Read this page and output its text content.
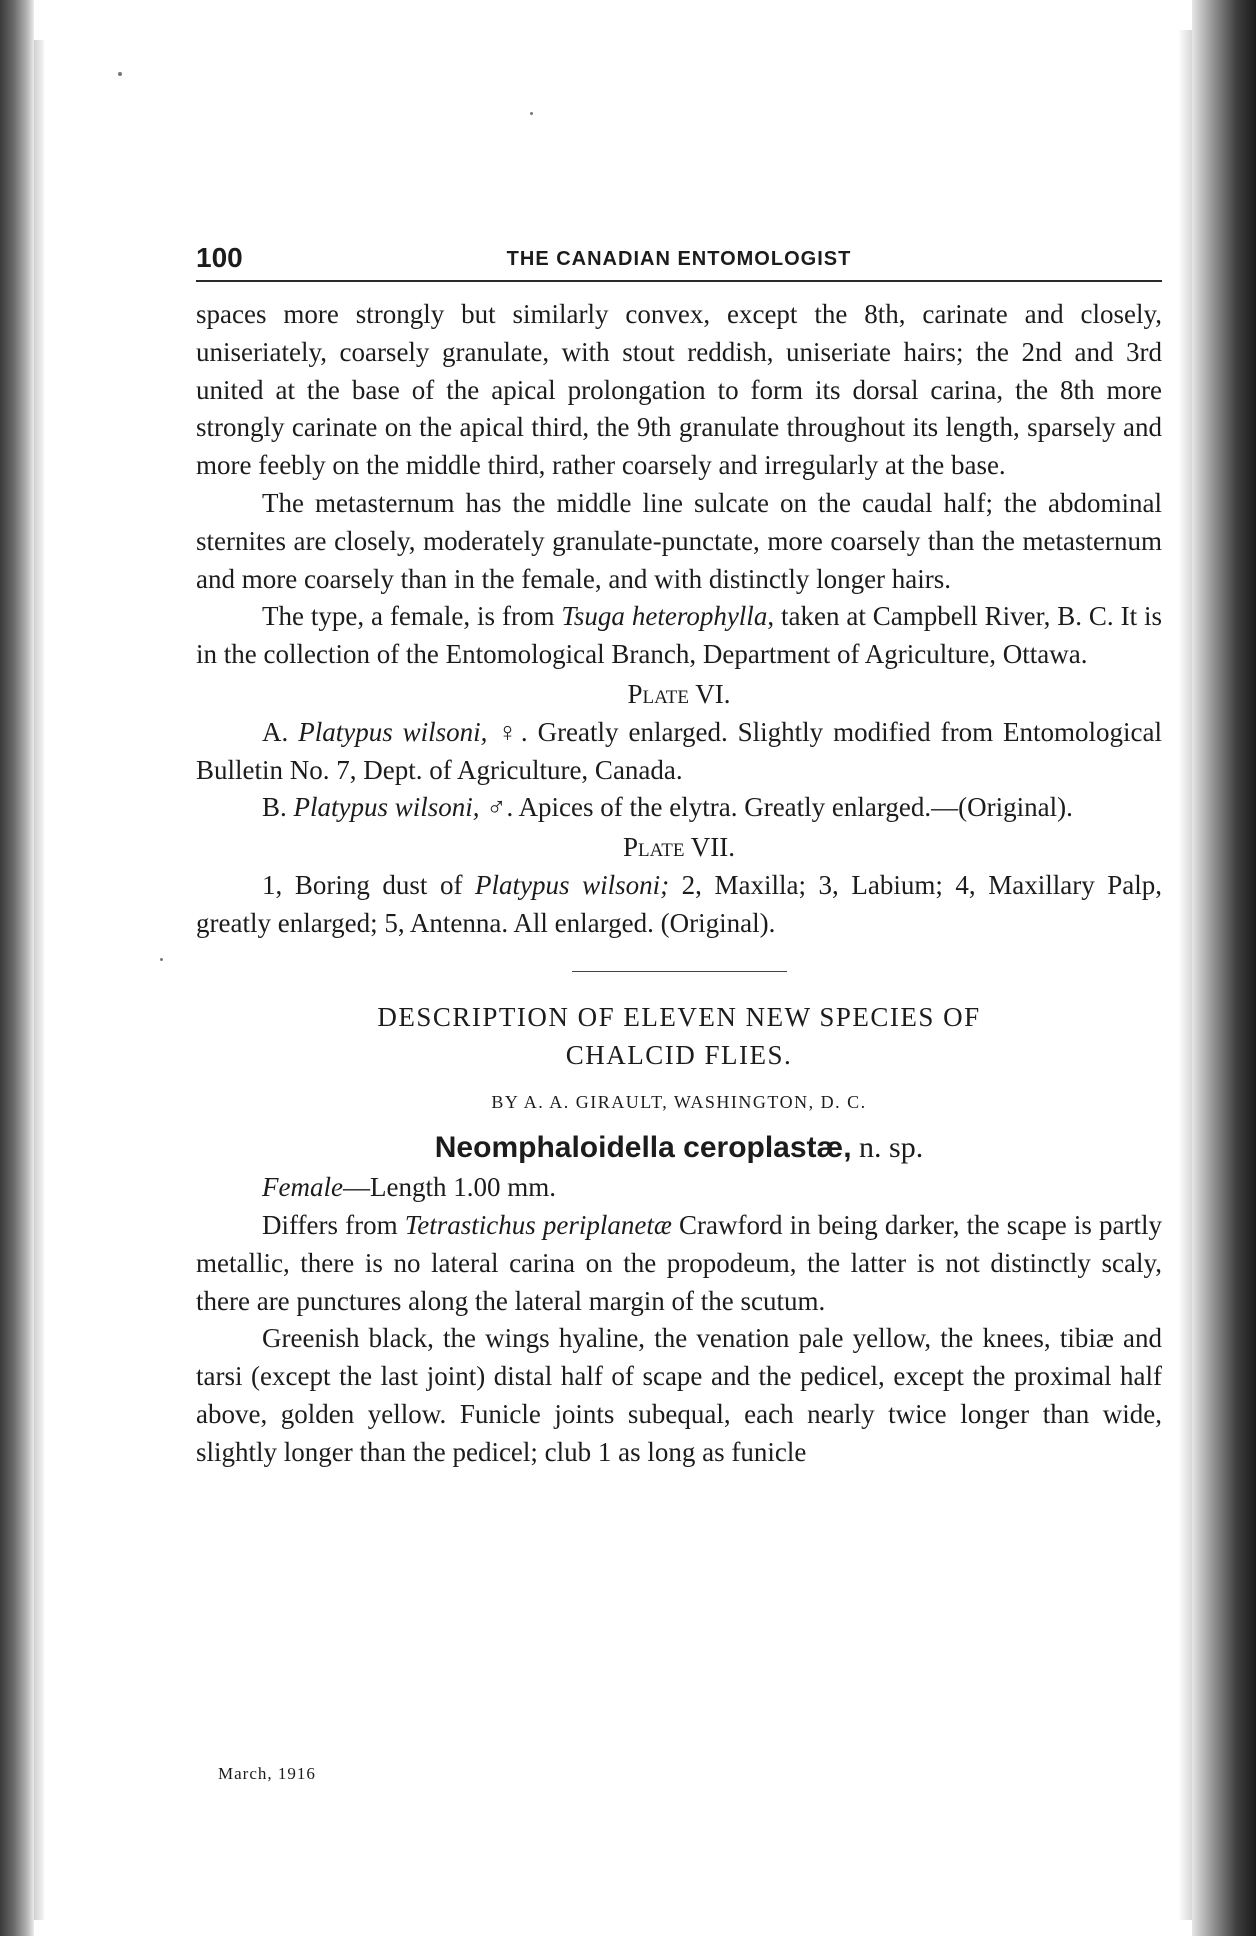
100	THE CANADIAN ENTOMOLOGIST

spaces more strongly but similarly convex, except the 8th, carinate and closely, uniseriately, coarsely granulate, with stout reddish, uniseriate hairs; the 2nd and 3rd united at the base of the apical prolongation to form its dorsal carina, the 8th more strongly carinate on the apical third, the 9th granulate throughout its length, sparsely and more feebly on the middle third, rather coarsely and irregularly at the base.

The metasternum has the middle line sulcate on the caudal half; the abdominal sternites are closely, moderately granulate-punctate, more coarsely than the metasternum and more coarsely than in the female, and with distinctly longer hairs.

The type, a female, is from Tsuga heterophylla, taken at Campbell River, B. C. It is in the collection of the Entomological Branch, Department of Agriculture, Ottawa.

Plate VI.

A. Platypus wilsoni, ♀. Greatly enlarged. Slightly modified from Entomological Bulletin No. 7, Dept. of Agriculture, Canada.

B. Platypus wilsoni, ♂. Apices of the elytra. Greatly enlarged.—(Original).

Plate VII.

1, Boring dust of Platypus wilsoni; 2, Maxilla; 3, Labium; 4, Maxillary Palp, greatly enlarged; 5, Antenna. All enlarged. (Original).

DESCRIPTION OF ELEVEN NEW SPECIES OF

CHALCID FLIES.

BY A. A. GIRAULT, WASHINGTON, D. C.

Neomphaloidella ceroplastæ, n. sp.

Female—Length 1.00 mm.

Differs from Tetrastichus periplanetæ Crawford in being darker, the scape is partly metallic, there is no lateral carina on the propodeum, the latter is not distinctly scaly, there are punctures along the lateral margin of the scutum.

Greenish black, the wings hyaline, the venation pale yellow, the knees, tibiæ and tarsi (except the last joint) distal half of scape and the pedicel, except the proximal half above, golden yellow. Funicle joints subequal, each nearly twice longer than wide, slightly longer than the pedicel; club 1 as long as funicle

March, 1916
